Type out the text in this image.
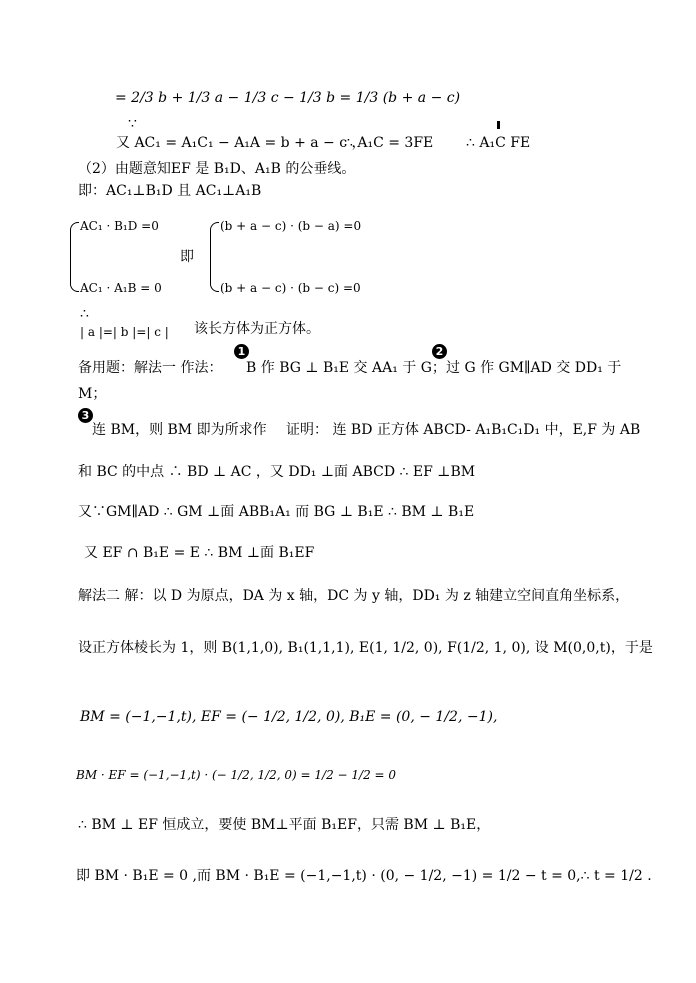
= 2/3 b + 1/3 a − 1/3 c − 1/3 b = 1/3 (b + a − c)
∵
又 AC₁ = A₁C₁ − A₁A = b + a − c ，
∴ A₁C = 3FE ∴ A₁C FE
（2）由题意知EF 是 B₁D、A₁B 的公垂线。
即：AC₁⊥B₁D 且 AC₁⊥A₁B
AC₁ · B₁D =0
即
(b + a − c) · (b − a) =0
AC₁ · A₁B = 0	(b + a − c) · (b − c) =0
∴
| a |=| b |=| c | 该长方体为正方体。
备用题：解法一 作法：
1
B 作 BG ⊥ B₁E 交 AA₁ 于 G；
2
过 G 作 GM∥AD 交 DD₁ 于
M；
3
连 BM，则 BM 即为所求作 证明： 连 BD 正方体 ABCD- A₁B₁C₁D₁ 中，E,F 为 AB
和 BC 的中点 ∴ BD ⊥ AC ，又 DD₁ ⊥面 ABCD ∴ EF ⊥BM
又∵GM∥AD ∴ GM ⊥面 ABB₁A₁ 而 BG ⊥ B₁E ∴ BM ⊥ B₁E
又 EF ∩ B₁E = E ∴ BM ⊥面 B₁EF
解法二 解：以 D 为原点，DA 为 x 轴，DC 为 y 轴，DD₁ 为 z 轴建立空间直角坐标系，
设正方体棱长为 1，则 B(1,1,0), B₁(1,1,1), E(1, 1/2, 0), F(1/2, 1, 0), 设 M(0,0,t)，于是
BM = (−1,−1,t), EF = (− 1/2, 1/2, 0), B₁E = (0, − 1/2, −1),
BM · EF = (−1,−1,t) · (− 1/2, 1/2, 0) = 1/2 − 1/2 = 0
∴ BM ⊥ EF 恒成立，要使 BM⊥平面 B₁EF，只需 BM ⊥ B₁E，
即 BM · B₁E = 0 ,而 BM · B₁E = (−1,−1,t) · (0, − 1/2, −1) = 1/2 − t = 0,∴ t = 1/2 .
